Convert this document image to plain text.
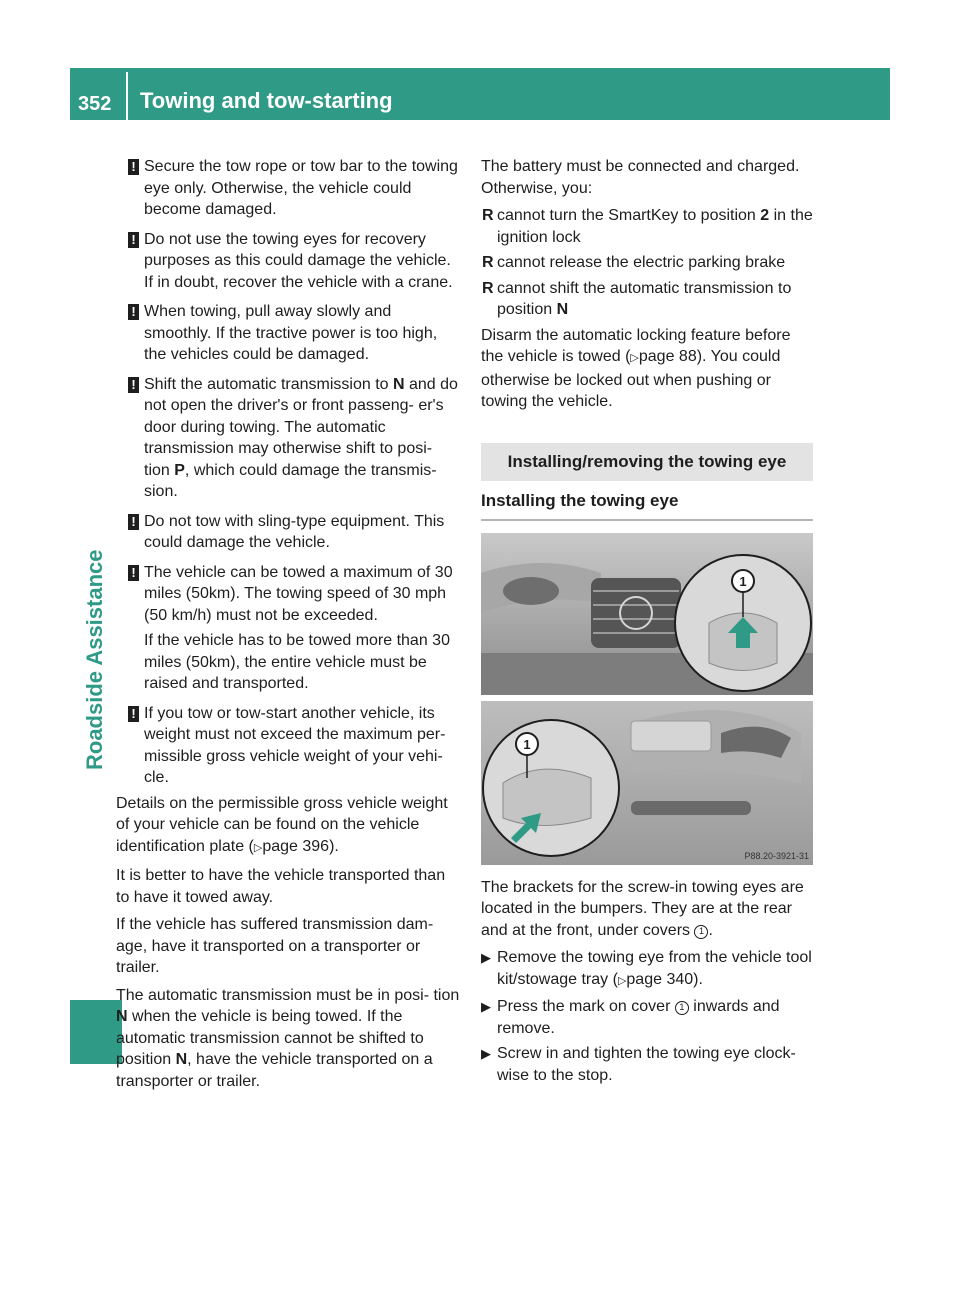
352 Towing and tow-starting
Roadside Assistance
! Secure the tow rope or tow bar to the towing eye only. Otherwise, the vehicle could become damaged.
! Do not use the towing eyes for recovery purposes as this could damage the vehicle. If in doubt, recover the vehicle with a crane.
! When towing, pull away slowly and smoothly. If the tractive power is too high, the vehicles could be damaged.
! Shift the automatic transmission to N and do not open the driver's or front passeng- er's door during towing. The automatic transmission may otherwise shift to posi- tion P, which could damage the transmis- sion.
! Do not tow with sling-type equipment. This could damage the vehicle.
! The vehicle can be towed a maximum of 30 miles (50km). The towing speed of 30 mph (50 km/h) must not be exceeded.
If the vehicle has to be towed more than 30 miles (50km), the entire vehicle must be raised and transported.
! If you tow or tow-start another vehicle, its weight must not exceed the maximum per- missible gross vehicle weight of your vehi- cle.
Details on the permissible gross vehicle weight of your vehicle can be found on the vehicle identification plate (▷page 396).
It is better to have the vehicle transported than to have it towed away.
If the vehicle has suffered transmission dam- age, have it transported on a transporter or trailer.
The automatic transmission must be in posi- tion N when the vehicle is being towed. If the automatic transmission cannot be shifted to position N, have the vehicle transported on a transporter or trailer.
The battery must be connected and charged. Otherwise, you:
R cannot turn the SmartKey to position 2 in the ignition lock
R cannot release the electric parking brake
R cannot shift the automatic transmission to position N
Disarm the automatic locking feature before the vehicle is towed (▷page 88). You could otherwise be locked out when pushing or towing the vehicle.
Installing/removing the towing eye
Installing the towing eye
1
1
P88.20-3921-31
The brackets for the screw-in towing eyes are located in the bumpers. They are at the rear and at the front, under covers 1 .
▶ Remove the towing eye from the vehicle tool kit/stowage tray (▷page 340).
▶ Press the mark on cover 1 inwards and remove.
▶ Screw in and tighten the towing eye clock- wise to the stop.
